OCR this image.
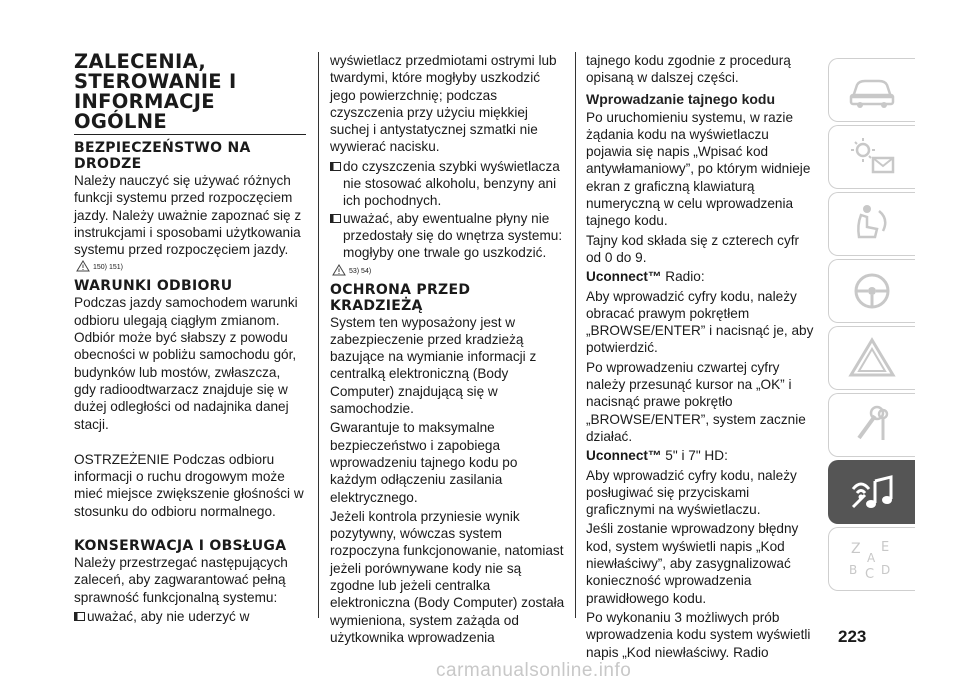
ZALECENIA, STEROWANIE I INFORMACJE OGÓLNE
BEZPIECZEŃSTWO NA DRODZE

Należy nauczyć się używać różnych funkcji systemu przed rozpoczęciem jazdy. Należy uważnie zapoznać się z instrukcjami i sposobami użytkowania systemu przed rozpoczęciem jazdy.

150) 151)
WARUNKI ODBIORU

Podczas jazdy samochodem warunki odbioru ulegają ciągłym zmianom. Odbiór może być słabszy z powodu obecności w pobliżu samochodu gór, budynków lub mostów, zwłaszcza, gdy radioodtwarzacz znajduje się w dużej odległości od nadajnika danej stacji.

OSTRZEŻENIE Podczas odbioru informacji o ruchu drogowym może mieć miejsce zwiększenie głośności w stosunku do odbioru normalnego.

KONSERWACJA I OBSŁUGA

Należy przestrzegać następujących zaleceń, aby zagwarantować pełną sprawność funkcjonalną systemu:

uważać, aby nie uderzyć w

wyświetlacz przedmiotami ostrymi lub twardymi, które mogłyby uszkodzić jego powierzchnię; podczas czyszczenia przy użyciu miękkiej suchej i antystatycznej szmatki nie wywierać nacisku.

do czyszczenia szybki wyświetlacza nie stosować alkoholu, benzyny ani ich pochodnych.
uważać, aby ewentualne płyny nie przedostały się do wnętrza systemu: mogłyby one trwale go uszkodzić.
53) 54)
OCHRONA PRZED KRADZIEŻĄ

System ten wyposażony jest w zabezpieczenie przed kradzieżą bazujące na wymianie informacji z centralką elektroniczną (Body Computer) znajdującą się w samochodzie.

Gwarantuje to maksymalne bezpieczeństwo i zapobiega wprowadzeniu tajnego kodu po każdym odłączeniu zasilania elektrycznego.

Jeżeli kontrola przyniesie wynik pozytywny, wówczas system rozpoczyna funkcjonowanie, natomiast jeżeli porównywane kody nie są zgodne lub jeżeli centralka elektroniczna (Body Computer) została wymieniona, system zażąda od użytkownika wprowadzenia

tajnego kodu zgodnie z procedurą opisaną w dalszej części.

Wprowadzanie tajnego kodu

Po uruchomieniu systemu, w razie żądania kodu na wyświetlaczu pojawia się napis „Wpisać kod antywłamaniowy”, po którym widnieje ekran z graficzną klawiaturą numeryczną w celu wprowadzenia tajnego kodu.

Tajny kod składa się z czterech cyfr od 0 do 9.

Uconnect™ Radio:

Aby wprowadzić cyfry kodu, należy obracać prawym pokrętłem „BROWSE/ENTER” i nacisnąć je, aby potwierdzić.

Po wprowadzeniu czwartej cyfry należy przesunąć kursor na „OK” i nacisnąć prawe pokrętło „BROWSE/ENTER”, system zacznie działać.

Uconnect™ 5" i 7" HD:

Aby wprowadzić cyfry kodu, należy posługiwać się przyciskami graficznymi na wyświetlaczu.

Jeśli zostanie wprowadzony błędny kod, system wyświetli napis „Kod niewłaściwy”, aby zasygnalizować konieczność wprowadzenia prawidłowego kodu.

Po wykonaniu 3 możliwych prób wprowadzenia kodu system wyświetli napis „Kod niewłaściwy. Radio

Z E
B C D
A
223
carmanualsonline.info
